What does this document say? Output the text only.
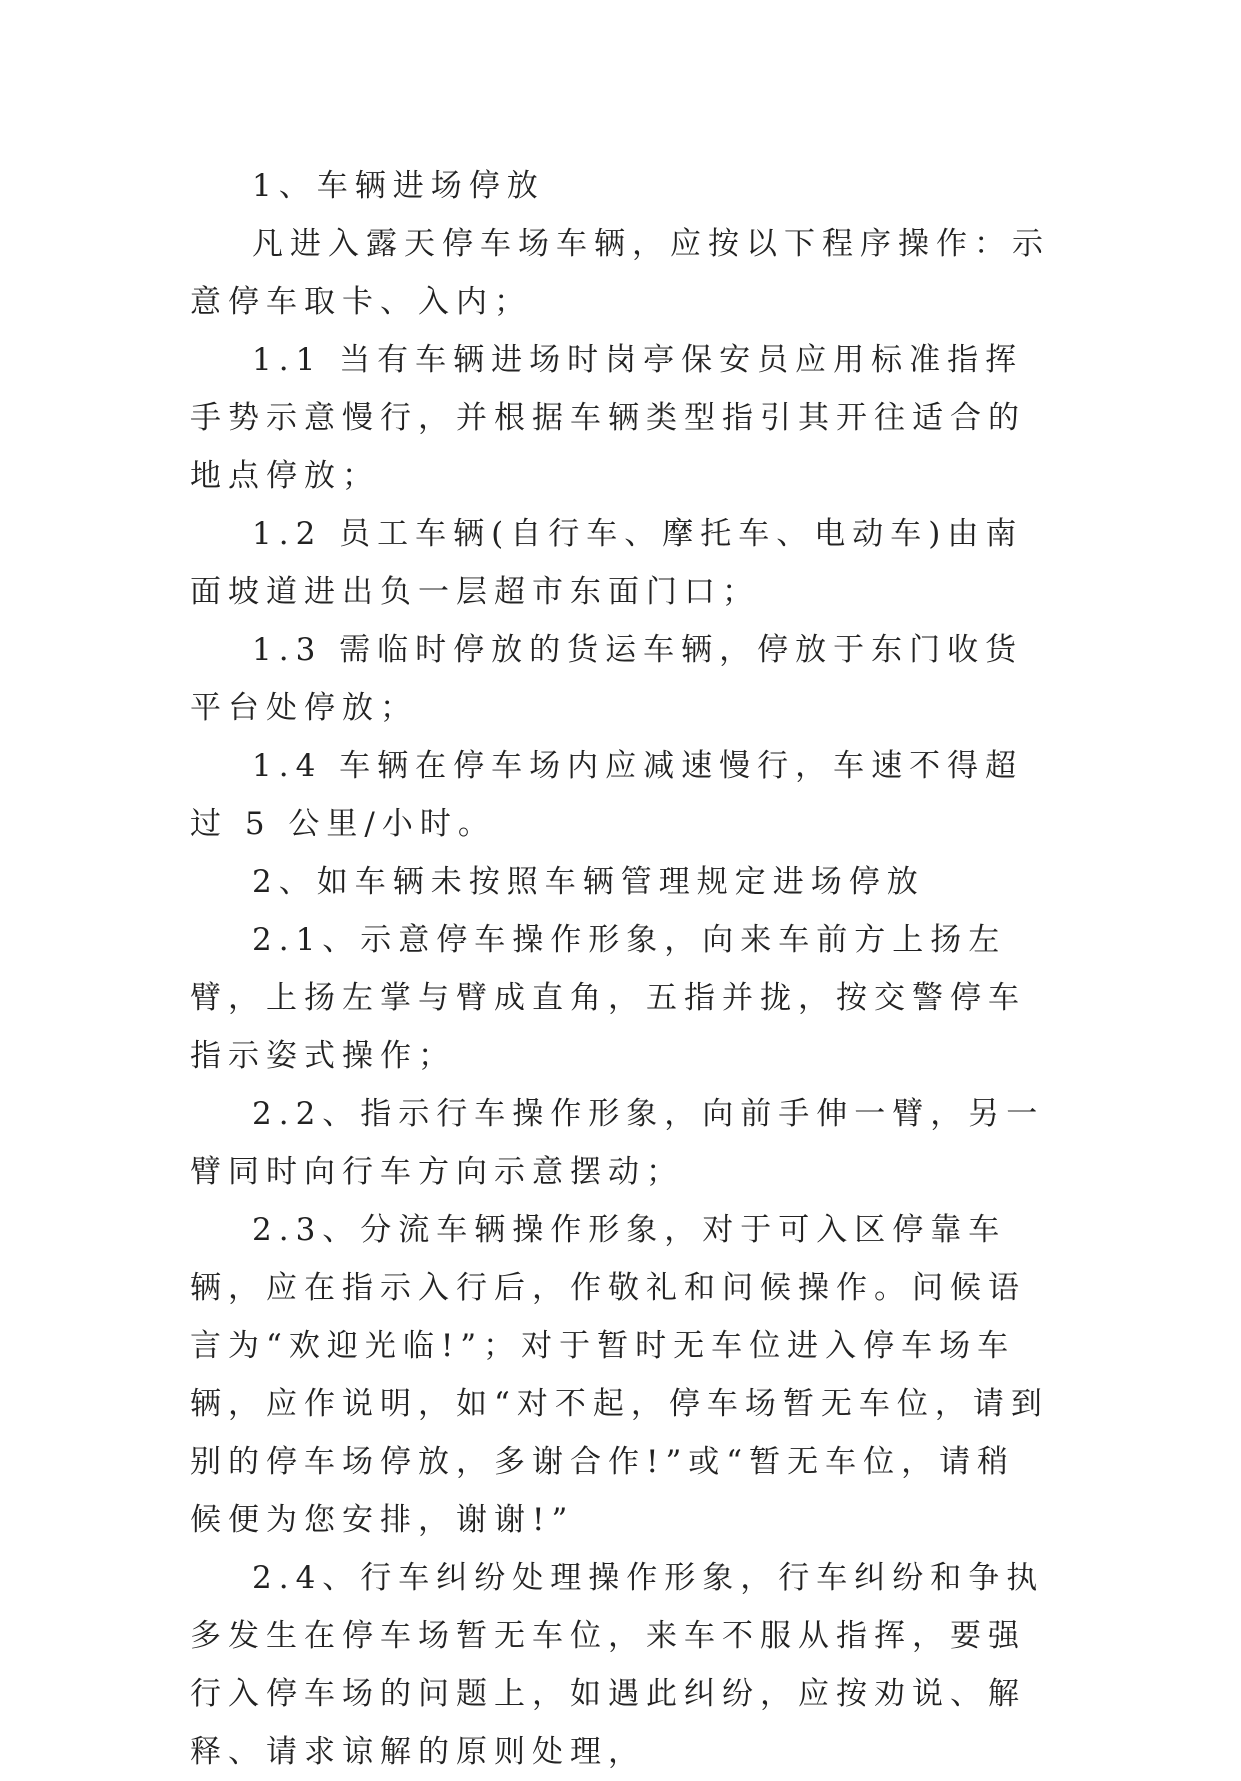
1、车辆进场停放

凡进入露天停车场车辆，应按以下程序操作：示意停车取卡、入内；

1.1 当有车辆进场时岗亭保安员应用标准指挥手势示意慢行，并根据车辆类型指引其开往适合的地点停放；

1.2 员工车辆(自行车、摩托车、电动车)由南面坡道进出负一层超市东面门口；

1.3 需临时停放的货运车辆，停放于东门收货平台处停放；

1.4 车辆在停车场内应减速慢行，车速不得超过 5 公里/小时。

2、如车辆未按照车辆管理规定进场停放

2.1、示意停车操作形象，向来车前方上扬左臂，上扬左掌与臂成直角，五指并拢，按交警停车指示姿式操作；

2.2、指示行车操作形象，向前手伸一臂，另一臂同时向行车方向示意摆动；

2.3、分流车辆操作形象，对于可入区停靠车辆，应在指示入行后，作敬礼和问候操作。问候语言为“欢迎光临!”；对于暂时无车位进入停车场车辆，应作说明，如“对不起，停车场暂无车位，请到别的停车场停放，多谢合作!”或“暂无车位，请稍候便为您安排，谢谢!”

2.4、行车纠纷处理操作形象，行车纠纷和争执多发生在停车场暂无车位，来车不服从指挥，要强行入停车场的问题上，如遇此纠纷，应按劝说、解释、请求谅解的原则处理，
